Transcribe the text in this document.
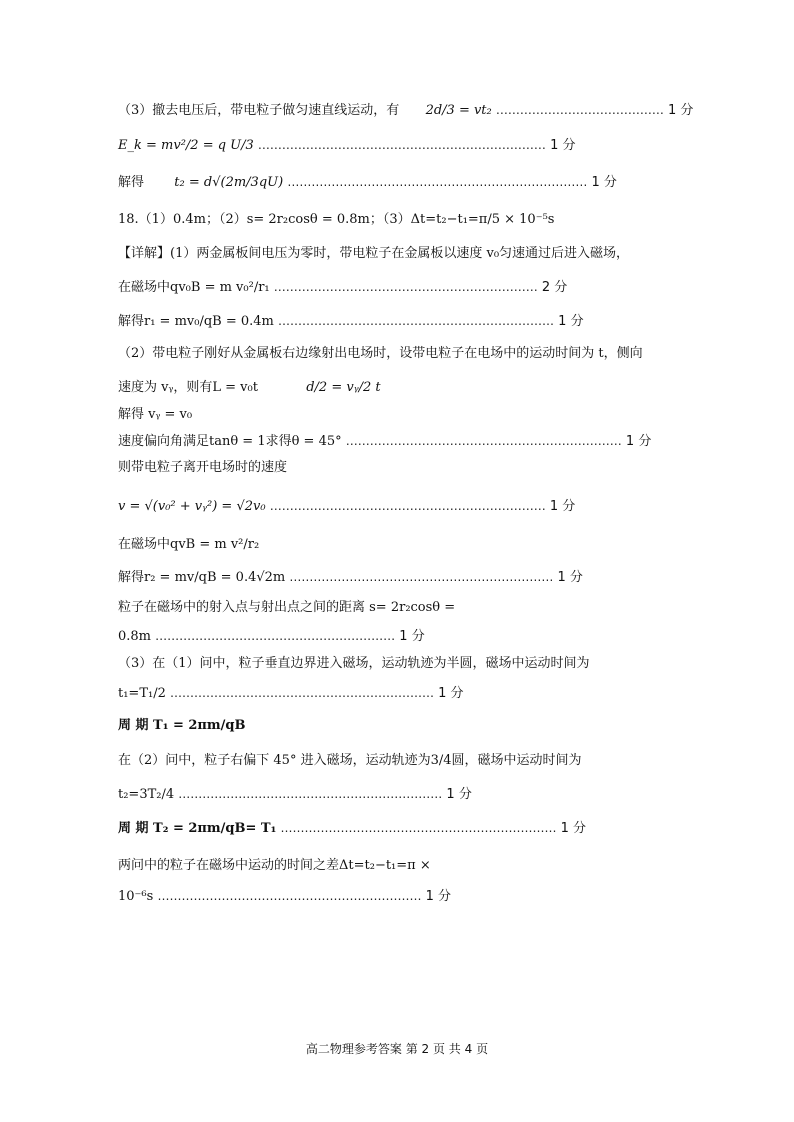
（3）撤去电压后，带电粒子做匀速直线运动，有 2d/3 = vt₂ …………………………………… 1 分
E_k = mv²/2 = q U/3 ……………………………………………………………… 1 分
解得 t₂ = d√(2m/3qU) ………………………………………………………………… 1 分
18.（1）0.4m；（2）s= 2r₂cosθ = 0.8m；（3）Δt=t₂−t₁=π/5 × 10⁻⁵s
【详解】(1）两金属板间电压为零时，带电粒子在金属板以速度 v₀匀速通过后进入磁场，
在磁场中qv₀B = m v₀²/r₁ ………………………………………………………… 2 分
解得r₁ = mv₀/qB = 0.4m …………………………………………………………… 1 分
（2）带电粒子刚好从金属板右边缘射出电场时，设带电粒子在电场中的运动时间为 t，侧向
速度为 vᵧ，则有L = v₀t	d/2 = vᵧ/2 t
解得 vᵧ = v₀
速度偏向角满足tanθ = 1求得θ = 45° …………………………………………………………… 1 分
则带电粒子离开电场时的速度
v = √(v₀² + vᵧ²) = √2v₀ …………………………………………………………… 1 分
在磁场中qvB = m v²/r₂
解得r₂ = mv/qB = 0.4√2m ………………………………………………………… 1 分
粒子在磁场中的射入点与射出点之间的距离 s= 2r₂cosθ =
0.8m …………………………………………………… 1 分
（3）在（1）问中，粒子垂直边界进入磁场，运动轨迹为半圆，磁场中运动时间为
t₁=T₁/2 ………………………………………………………… 1 分
周 期 T₁ = 2πm/qB
在（2）问中，粒子右偏下 45° 进入磁场，运动轨迹为3/4圆，磁场中运动时间为
t₂=3T₂/4 ………………………………………………………… 1 分
周 期 T₂ = 2πm/qB= T₁ …………………………………………………………… 1 分
两问中的粒子在磁场中运动的时间之差Δt=t₂−t₁=π ×
10⁻⁶s ………………………………………………………… 1 分
高二物理参考答案 第 2 页 共 4 页
